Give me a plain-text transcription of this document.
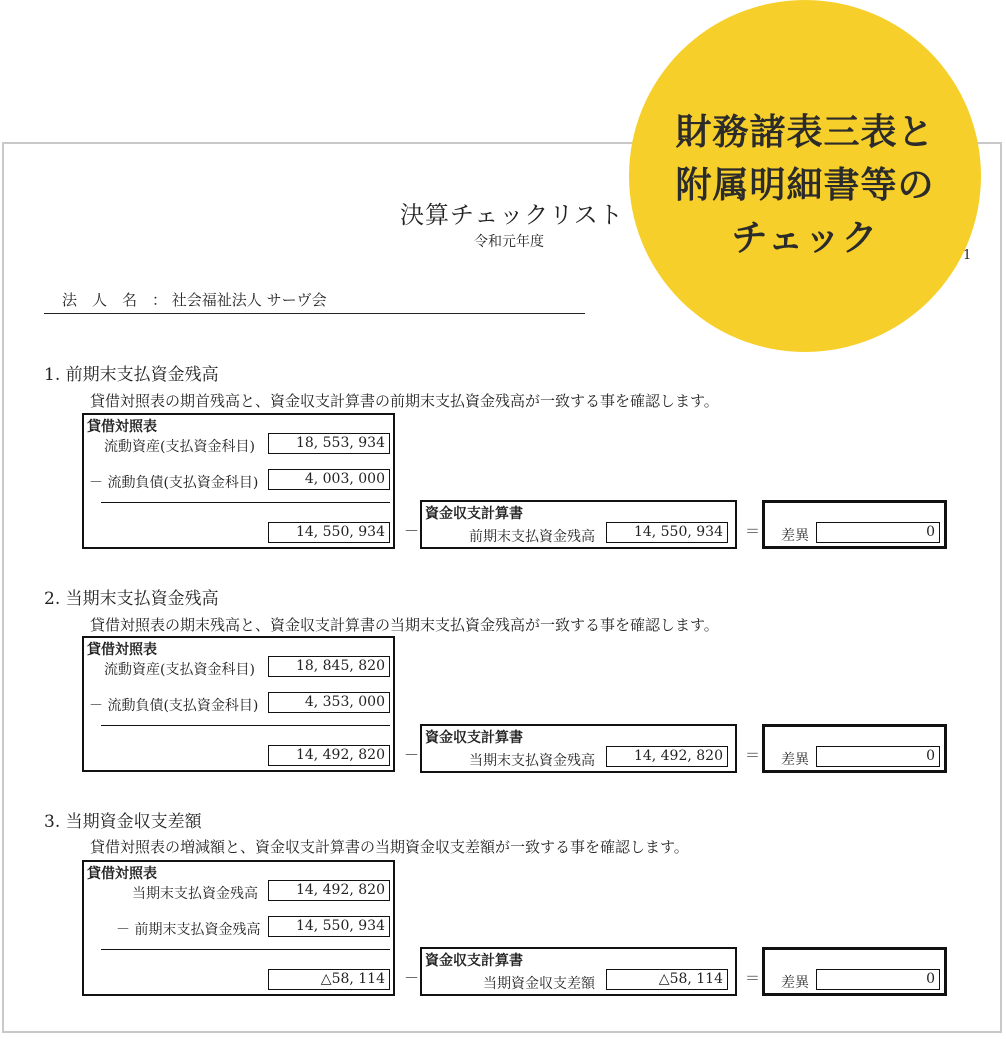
決算チェックリスト
令和元年度
1
法　人　名　： 社会福祉法人 サーヴ会
1. 前期末支払資金残高
貸借対照表の期首残高と、資金収支計算書の前期末支払資金残高が一致する事を確認します。
貸借対照表
流動資産(支払資金科目)	18, 553, 934
－ 流動負債(支払資金科目)	4, 003, 000
14, 550, 934	－
資金収支計算書
前期末支払資金残高	14, 550, 934	＝ 差異	0
2. 当期末支払資金残高
貸借対照表の期末残高と、資金収支計算書の当期末支払資金残高が一致する事を確認します。
貸借対照表
流動資産(支払資金科目)	18, 845, 820
－ 流動負債(支払資金科目)	4, 353, 000
14, 492, 820	－
資金収支計算書
当期末支払資金残高	14, 492, 820	＝ 差異	0
3. 当期資金収支差額
貸借対照表の増減額と、資金収支計算書の当期資金収支差額が一致する事を確認します。
貸借対照表
当期末支払資金残高	14, 492, 820
－ 前期末支払資金残高	14, 550, 934
△58, 114	－
資金収支計算書
当期資金収支差額	△58, 114	＝ 差異	0
財務諸表三表と
附属明細書等の
チェック
